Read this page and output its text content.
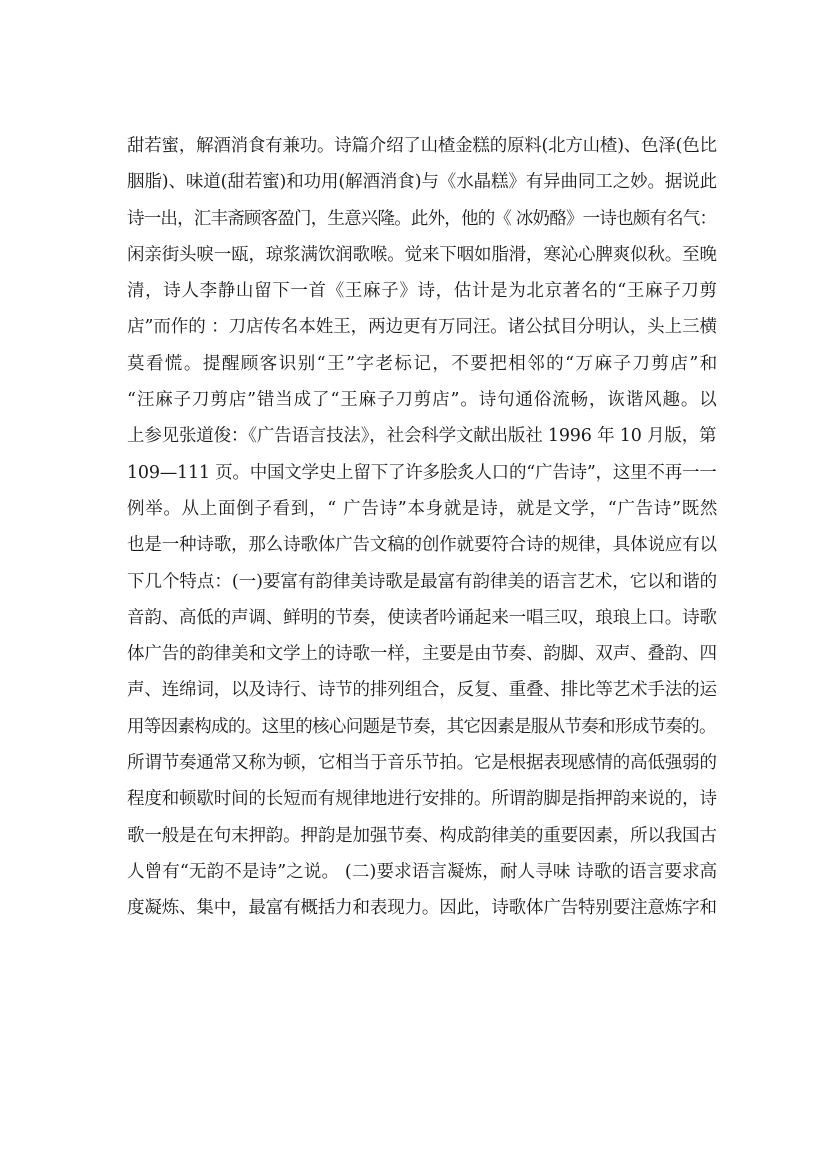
甜若蜜，解酒消食有兼功。诗篇介绍了山楂金糕的原料(北方山楂)、色泽(色比
胭脂)、味道(甜若蜜)和功用(解酒消食)与《水晶糕》有异曲同工之妙。据说此
诗一出，汇丰斋顾客盈门，生意兴隆。此外，他的《 冰奶酪》一诗也颇有名气：
闲亲街头唳一瓯，琼浆满饮润歌喉。觉来下咽如脂滑，寒沁心脾爽似秋。至晚
清，诗人李静山留下一首《王麻子》诗，估计是为北京著名的“王麻子刀剪
店”而作的 ：刀店传名本姓王，两边更有万同汪。诸公拭目分明认，头上三横
莫看慌。提醒顾客识别“王”字老标记，不要把相邻的“万麻子刀剪店”和
“汪麻子刀剪店”错当成了“王麻子刀剪店”。诗句通俗流畅，诙谐风趣。以
上参见张道俊：《广告语言技法》，社会科学文献出版社 1996 年 10 月版，第
109—111 页。中国文学史上留下了许多脍炙人口的“广告诗”，这里不再一一
例举。从上面倒子看到，“ 广告诗”本身就是诗，就是文学，“广告诗”既然
也是一种诗歌，那么诗歌体广告文稿的创作就要符合诗的规律，具体说应有以
下几个特点：(一)要富有韵律美诗歌是最富有韵律美的语言艺术，它以和谐的
音韵、高低的声调、鲜明的节奏，使读者吟诵起来一唱三叹，琅琅上口。诗歌
体广告的韵律美和文学上的诗歌一样，主要是由节奏、韵脚、双声、叠韵、四
声、连绵词，以及诗行、诗节的排列组合，反复、重叠、排比等艺术手法的运
用等因素构成的。这里的核心问题是节奏，其它因素是服从节奏和形成节奏的。
所谓节奏通常又称为顿，它相当于音乐节拍。它是根据表现感情的高低强弱的
程度和顿歇时间的长短而有规律地进行安排的。所谓韵脚是指押韵来说的，诗
歌一般是在句末押韵。押韵是加强节奏、构成韵律美的重要因素，所以我国古
人曾有“无韵不是诗”之说。 (二)要求语言凝炼，耐人寻味 诗歌的语言要求高
度凝炼、集中，最富有概括力和表现力。因此，诗歌体广告特别要注意炼字和
